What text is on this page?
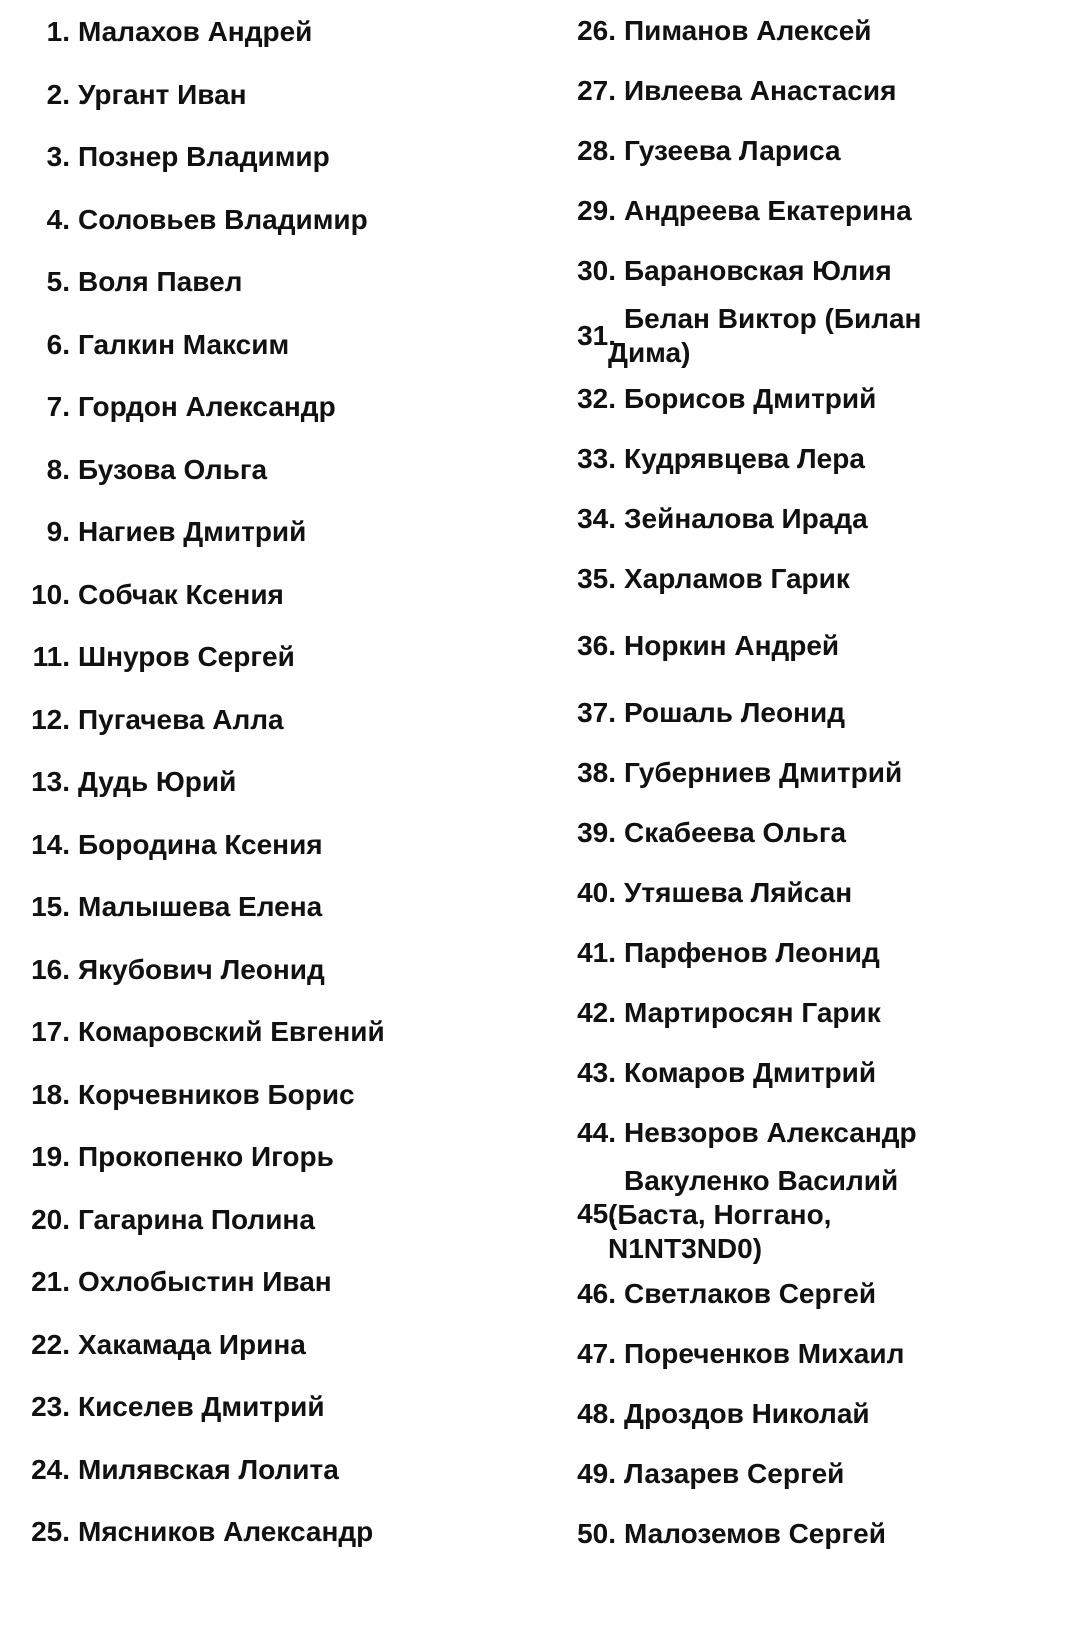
1. Малахов Андрей
2. Ургант Иван
3. Познер Владимир
4. Соловьев Владимир
5. Воля Павел
6. Галкин Максим
7. Гордон Александр
8. Бузова Ольга
9. Нагиев Дмитрий
10. Собчак Ксения
11. Шнуров Сергей
12. Пугачева Алла
13. Дудь Юрий
14. Бородина Ксения
15. Малышева Елена
16. Якубович Леонид
17. Комаровский Евгений
18. Корчевников Борис
19. Прокопенко Игорь
20. Гагарина Полина
21. Охлобыстин Иван
22. Хакамада Ирина
23. Киселев Дмитрий
24. Милявская Лолита
25. Мясников Александр
26. Пиманов Алексей
27. Ивлеева Анастасия
28. Гузеева Лариса
29. Андреева Екатерина
30. Барановская Юлия
31.
Белан Виктор (Билан
Дима)
32. Борисов Дмитрий
33. Кудрявцева Лера
34. Зейналова Ирада
35. Харламов Гарик
36. Норкин Андрей
37. Рошаль Леонид
38. Губерниев Дмитрий
39. Скабеева Ольга
40. Утяшева Ляйсан
41. Парфенов Леонид
42. Мартиросян Гарик
43. Комаров Дмитрий
44. Невзоров Александр
45.
Вакуленко Василий
(Баста, Ноггано,
N1NT3ND0)
46. Светлаков Сергей
47. Пореченков Михаил
48. Дроздов Николай
49. Лазарев Сергей
50. Малоземов Сергей
